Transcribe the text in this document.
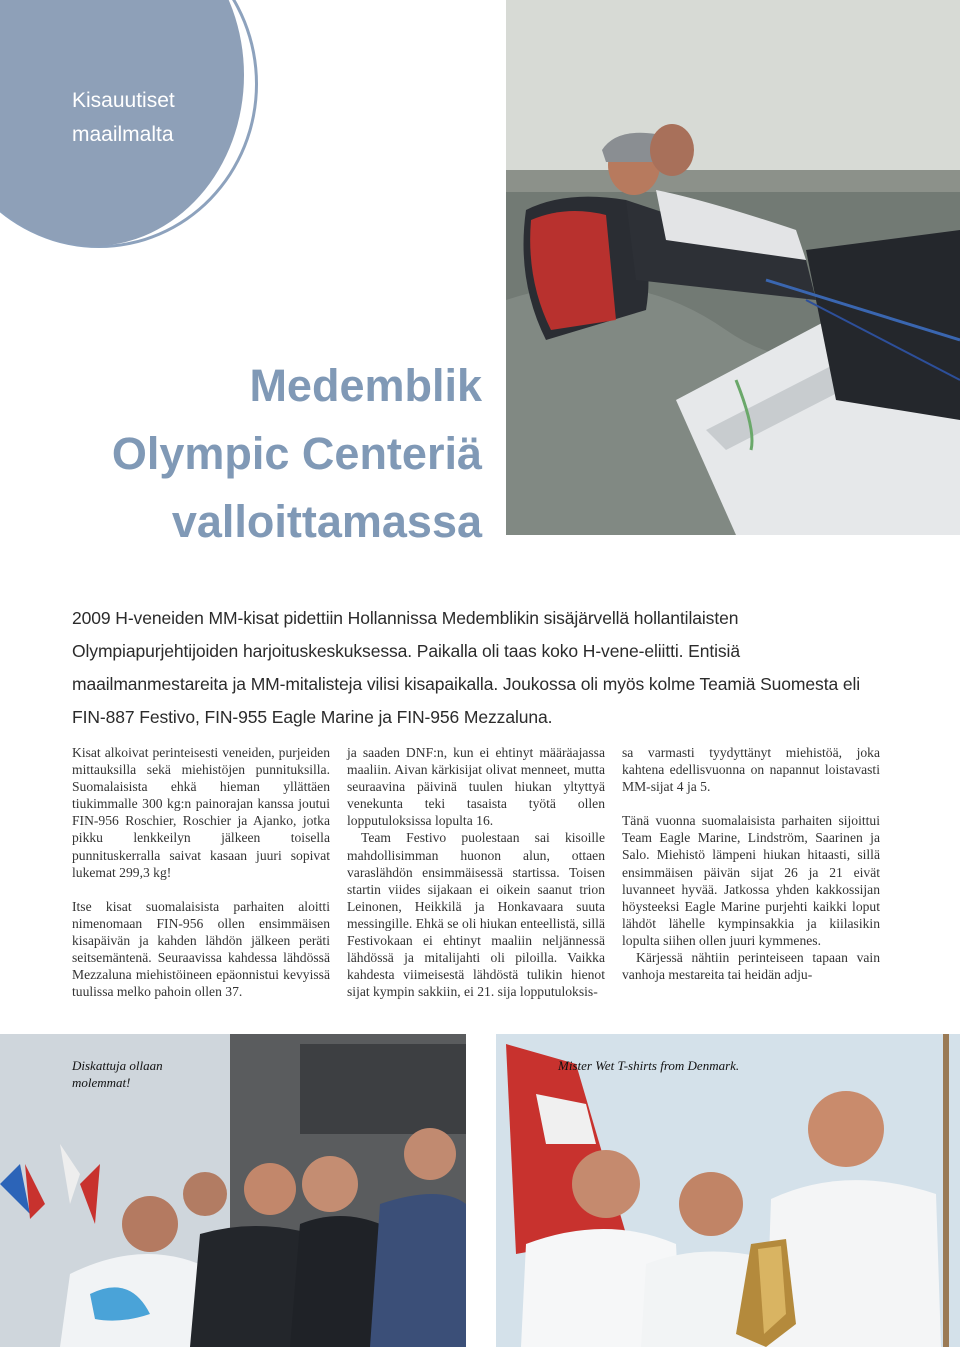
Kisauutiset
maailmalta
Medemblik
Olympic Centeriä
valloittamassa

2009 H-veneiden MM-kisat pidettiin Hollannissa Medemblikin sisäjärvellä hollantilaisten Olympiapurjehtijoiden harjoituskeskuksessa. Paikalla oli taas koko H-vene-eliitti. Entisiä maailmanmestareita ja MM-mitalisteja vilisi kisapaikalla. Joukossa oli myös kolme Teamiä Suomesta eli FIN-887 Festivo, FIN-955 Eagle Marine ja FIN-956 Mezzaluna.

Kisat alkoivat perinteisesti veneiden, purjeiden mittauksilla sekä miehistöjen punnituksilla. Suomalaisista ehkä hieman yllättäen tiukimmalle 300 kg:n painorajan kanssa joutui FIN-956 Roschier, Roschier ja Ajanko, jotka pikku lenkkeilyn jälkeen toisella punnituskerralla saivat kasaan juuri sopivat lukemat 299,3 kg!

Itse kisat suomalaisista parhaiten aloitti nimenomaan FIN-956 ollen ensimmäisen kisapäivän ja kahden lähdön jälkeen peräti seitsemäntenä. Seuraavissa kahdessa lähdössä Mezzaluna miehistöineen epäonnistui kevyissä tuulissa melko pahoin ollen 37.

ja saaden DNF:n, kun ei ehtinyt määräajassa maaliin. Aivan kärkisijat olivat menneet, mutta seuraavina päivinä tuulen hiukan yltyttyä venekunta teki tasaista työtä ollen lopputuloksissa lopulta 16.

Team Festivo puolestaan sai kisoille mahdollisimman huonon alun, ottaen varaslähdön ensimmäisessä startissa. Toisen startin viides sijakaan ei oikein saanut trion Leinonen, Heikkilä ja Honkavaara suuta messingille. Ehkä se oli hiukan enteellistä, sillä Festivokaan ei ehtinyt maaliin neljännessä lähdössä ja mitalijahti oli piloilla. Vaikka kahdesta viimeisestä lähdöstä tulikin hienot sijat kympin sakkiin, ei 21. sija lopputuloksis-

sa varmasti tyydyttänyt miehistöä, joka kahtena edellisvuonna on napannut loistavasti MM-sijat 4 ja 5.

Tänä vuonna suomalaisista parhaiten sijoittui Team Eagle Marine, Lindström, Saarinen ja Salo. Miehistö lämpeni hiukan hitaasti, sillä ensimmäisen päivän sijat 26 ja 21 eivät luvanneet hyvää. Jatkossa yhden kakkossijan höysteeksi Eagle Marine purjehti kaikki loput lähdöt lähelle kympinsakkia ja kiilasikin lopulta siihen ollen juuri kymmenes.

Kärjessä nähtiin perinteiseen tapaan vain vanhoja mestareita tai heidän adju-

Diskattuja ollaan molemmat!
Mister Wet T-shirts from Denmark.
